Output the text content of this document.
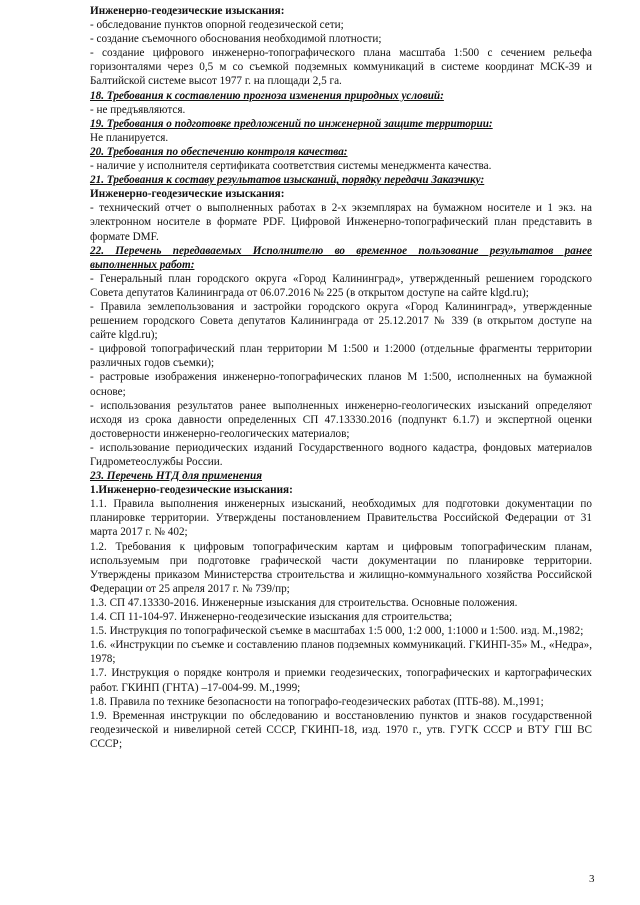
Инженерно-геодезические изыскания:

- обследование пунктов опорной геодезической сети;

- создание съемочного обоснования необходимой плотности;

- создание цифрового инженерно-топографического плана масштаба 1:500 с сечением рельефа горизонталями через 0,5 м со съемкой подземных коммуникаций в системе координат МСК-39 и Балтийской системе высот 1977 г. на площади 2,5 га.

18. Требования к составлению прогноза изменения природных условий:

- не предъявляются.

19. Требования о подготовке предложений по инженерной защите территории:

Не планируется.

20. Требования по обеспечению контроля качества:

- наличие у исполнителя сертификата соответствия системы менеджмента качества.

21. Требования к составу результатов изысканий, порядку передачи Заказчику:

Инженерно-геодезические изыскания:

- технический отчет о выполненных работах в 2-х экземплярах на бумажном носителе и 1 экз. на электронном носителе в формате PDF. Цифровой Инженерно-топографический план представить в формате DMF.

22. Перечень передаваемых Исполнителю во временное пользование результатов ранее выполненных работ:

- Генеральный план городского округа «Город Калининград», утвержденный решением городского Совета депутатов Калининграда от 06.07.2016 № 225 (в открытом доступе на сайте klgd.ru);

- Правила землепользования и застройки городского округа «Город Калининград», утвержденные решением городского Совета депутатов Калининграда от 25.12.2017 № 339 (в открытом доступе на сайте klgd.ru);

- цифровой топографический план территории М 1:500 и 1:2000 (отдельные фрагменты территории различных годов съемки);

- растровые изображения инженерно-топографических планов М 1:500, исполненных на бумажной основе;

- использования результатов ранее выполненных инженерно-геологических изысканий определяют исходя из срока давности определенных СП 47.13330.2016 (подпункт 6.1.7) и экспертной оценки достоверности инженерно-геологических материалов;

- использование периодических изданий Государственного водного кадастра, фондовых материалов Гидрометеослужбы России.

23. Перечень НТД для применения

1.Инженерно-геодезические изыскания:

1.1. Правила выполнения инженерных изысканий, необходимых для подготовки документации по планировке территории. Утверждены постановлением Правительства Российской Федерации от 31 марта 2017 г. № 402;

1.2. Требования к цифровым топографическим картам и цифровым топографическим планам, используемым при подготовке графической части документации по планировке территории. Утверждены приказом Министерства строительства и жилищно-коммунального хозяйства Российской Федерации от 25 апреля 2017 г. № 739/пр;

1.3. СП 47.13330-2016. Инженерные изыскания для строительства. Основные положения.

1.4. СП 11-104-97. Инженерно-геодезические изыскания для строительства;

1.5. Инструкция по топографической съемке в масштабах 1:5 000, 1:2 000, 1:1000 и 1:500. изд. М.,1982;

1.6. «Инструкции по съемке и составлению планов подземных коммуникаций. ГКИНП-35» М., «Недра», 1978;

1.7. Инструкция о порядке контроля и приемки геодезических, топографических и картографических работ. ГКИНП (ГНТА) –17-004-99. М.,1999;

1.8. Правила по технике безопасности на топографо-геодезических работах (ПТБ-88). М.,1991;

1.9. Временная инструкции по обследованию и восстановлению пунктов и знаков государственной геодезической и нивелирной сетей СССР, ГКИНП-18, изд. 1970 г., утв. ГУГК СССР и ВТУ ГШ ВС СССР;

3
